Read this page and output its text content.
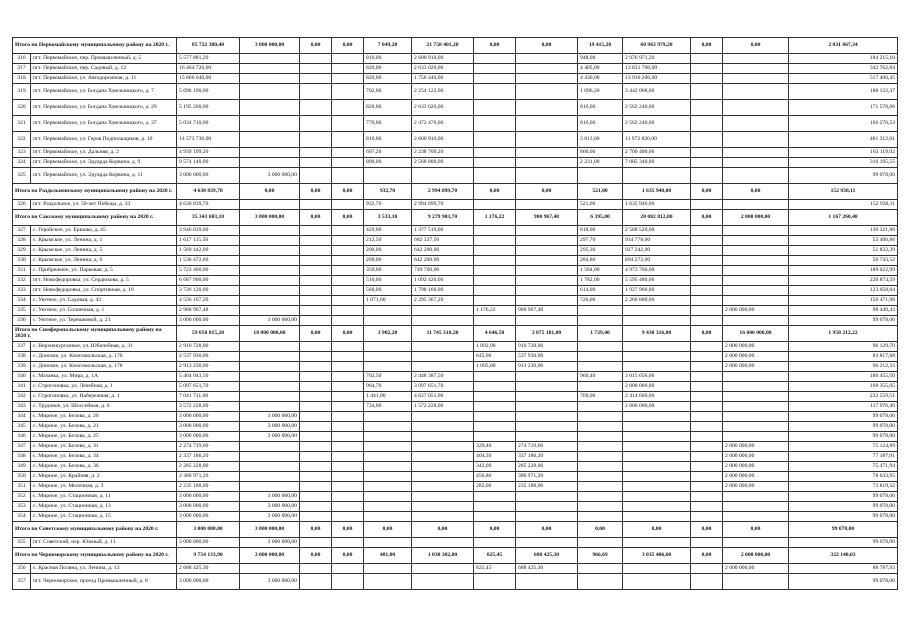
Итого по Первомайскому муниципальному району на 2020 г.		85 722 380,40	3 000 000,00	0,00	0,00	7 049,20	21 758 401,20	0,00	0,00	19 415,28	60 963 979,20	0,00	0,00	2 831 667,34
316	пгт. Первомайское, пер. Промышленный, д. 5	5 577 881,20				810,00	2 600 910,00			948,08	2 976 971,20			184 215,10
317	пгт. Первомайское, пер. Садовый, д. 12	16 464 720,00				820,00	2 633 020,00			4 405,00	13 831 700,00			342 762,84
318	пгт. Первомайское, ул. Автодорожная, д. 11	15 666 640,00				820,00	1 756 440,00			4 430,00	13 910 200,00			517 406,45
319	пгт. Первомайское, ул. Богдана Хмельницкого, д. 7	5 696 190,00				702,00	2 254 122,00			1 096,20	3 442 068,00			188 122,37
320	пгт. Первомайское, ул. Богдана Хмельницкого, д. 29	5 195 260,00				820,00	2 633 020,00			816,00	2 562 240,00			171 578,66
321	пгт. Первомайское, ул. Богдана Хмельницкого, д. 37	5 034 710,00				770,00	2 472 470,00			816,00	2 562 240,00			166 276,53
322	пгт. Первомайское, ул. Героя Подпольщиков, д. 10	14 573 730,00				810,00	2 600 910,00			3 813,00	11 972 820,00			481 312,01
323	пгт. Первомайское, ул. Дальняя, д. 2	4 939 109,20				697,20	2 238 709,20			860,00	2 700 400,00			163 119,02
324	пгт. Первомайское, ул. Эдуарда Корвина, д. 9	9 574 140,00				800,00	2 568 800,00			2 231,00	7 005 340,00			316 195,55
325	пгт. Первомайское, ул. Эдуарда Корвина, д. 11	3 000 000,00	3 000 000,00											99 078,00
Итого по Раздольненскому муниципальному району на 2020 г.		4 630 839,70	0,00	0,00	0,00	932,70	2 994 899,70	0,00	0,00	521,00	1 635 940,00	0,00	0,00	152 938,11
326	пгт. Раздольное, ул. 50-лет Победы, д. 33	4 630 839,70				932,70	2 994 899,70			521,00	1 635 940,00			152 938,11
Итого по Сакскому муниципальному району на 2020 г.		35 343 683,18	3 000 000,00	0,00	0,00	3 533,10	9 279 903,70	1 176,22	980 967,48	6 395,80	20 082 812,00	0,00	2 000 000,00	1 167 260,48
327	с. Геройское, ул. Ершова, д. 45	3 946 039,00				429,00	1 377 519,00			818,00	2 568 520,00			130 321,88
328	с. Крымское, ул. Ленина, д. 1	1 617 115,50				212,50	682 337,50			297,70	934 778,00			53 406,86
329	с. Крымское, ул. Ленина, д. 5	1 569 442,00				200,00	642 200,00			295,30	927 242,00			51 832,39
330	с. Крымское, ул. Ленина, д. 6	1 536 472,00				200,00	642 200,00			284,80	894 272,00			50 743,52
331	с. Прибрежное, ул. Парковая, д. 5	5 723 460,00				350,00	749 700,00			1 584,00	4 973 760,00			189 022,99
332	пгт. Новофедоровка, ул. Сердюкова, д. 5	6 687 900,00				510,00	1 092 420,00			1 782,00	5 595 480,00			220 874,59
333	пгт. Новофедоровка, ул. Спортивная, д. 10	3 726 120,00				560,00	1 798 160,00			614,00	1 927 960,00			123 058,84
334	с. Уютное, ул. Садовая, д. 43	4 556 167,20				1 071,60	2 295 367,20			720,00	2 260 800,00			150 471,98
335	с. Уютное, ул. Солнечная, д. 1	2 980 967,48						1 176,22	980 967,48				2 000 000,00	98 449,43
336	с. Уютное, ул. Терешковой, д. 21	3 000 000,00	3 000 000,00											99 078,00
Итого по Симферопольскому муниципальному району на 2020 г.		59 050 815,20	18 000 000,00	0,00	0,00	3 902,20	11 745 318,20	4 646,50	3 875 181,00	1 729,40	9 430 316,00	0,00	16 000 000,00	1 950 212,22
337	с. Верхнекурганное, ул. Юбилейная, д. 31	2 910 728,00						1 092,00	910 728,00				2 000 000,00	96 129,70
338	с. Донское, ул. Комсомольская, д. 176	2 537 930,00						645,00	537 930,00				2 000 000,00	83 817,68
339	с. Донское, ул. Комсомольская, д. 178	2 913 230,00						1 095,00	913 230,00				2 000 000,00	96 212,33
340	с. Мазанка, ул. Мира, д. 1А	5 464 043,50				762,50	2 448 387,50			960,40	3 015 656,00			180 455,50
341	с. Строгоновка, ул. Лечебная, д. 1	5 097 651,70				964,70	3 097 651,70				2 000 000,00			168 355,05
342	с. Строгоновка, ул. Набережная, д. 1	7 041 711,00				1 441,00	4 627 051,00			769,00	2 414 660,00			232 559,51
343	с. Трудовое, ул. Шоссейная, д. 6	3 572 228,00				734,00	1 572 228,00				2 000 000,00			117 976,40
344	с. Мирное, ул. Белова, д. 20	3 000 000,00	3 000 000,00											99 078,00
345	с. Мирное, ул. Белова, д. 21	3 000 000,00	3 000 000,00											99 078,00
346	с. Мирное, ул. Белова, д. 25	3 000 000,00	3 000 000,00											99 078,00
347	с. Мирное, ул. Белова, д. 31	2 274 719,60						329,40	274 719,60				2 000 000,00	75 124,89
348	с. Мирное, ул. Белова, д. 34	2 337 186,20						404,30	337 186,20				2 000 000,00	77 187,91
349	с. Мирное, ул. Белова, д. 36	2 285 228,00						342,00	285 228,00				2 000 000,00	75 471,94
350	с. Мирное, ул. Крайняя, д. 2	2 380 971,20						456,80	380 971,20				2 000 000,00	78 633,95
351	с. Мирное, ул. Молочная, д. 3	2 235 188,00						282,00	235 188,00				2 000 000,00	73 819,32
352	с. Мирное, ул. Стационная, д. 11	3 000 000,00	3 000 000,00											99 078,00
353	с. Мирное, ул. Стационная, д. 13	3 000 000,00	3 000 000,00											99 078,00
354	с. Мирное, ул. Стационная, д. 15	3 000 000,00	3 000 000,00											99 078,00
Итого по Советскому муниципальному району на 2020 г.		3 000 000,00	3 000 000,00	0,00	0,00	0,00	0,00	0,00	0,00	0,00	0,00	0,00	0,00	99 078,00
355	пгт. Советский, пер. Южный, д. 11	3 000 000,00	3 000 000,00											99 078,00
Итого по Черноморскому муниципальному району на 2020 г.		9 754 133,90	3 000 000,00	0,00	0,00	481,00	1 030 302,00	825,45	688 425,30	966,69	3 035 406,60	0,00	2 000 000,00	322 140,03
356	с. Красная Поляна, ул. Ленина, д. 13	2 688 425,30						825,45	688 425,30				2 000 000,00	88 787,93
357	пгт. Черноморское, проезд Промышленный, д. 8	3 000 000,00	3 000 000,00											99 078,00
